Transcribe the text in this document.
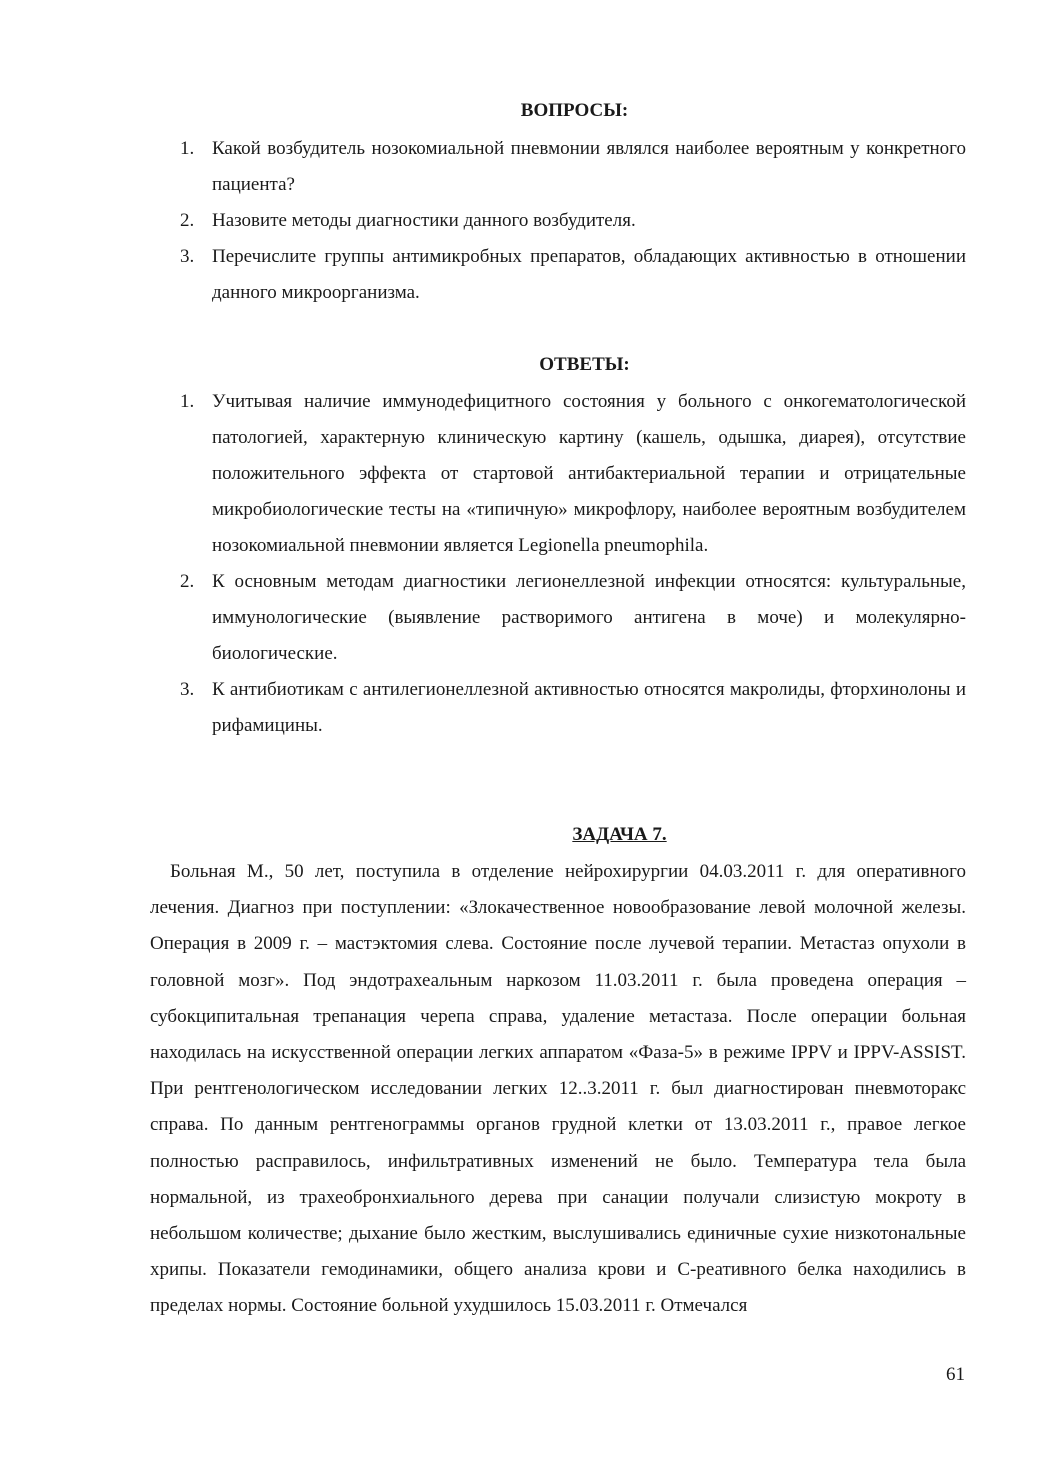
ВОПРОСЫ:
1. Какой возбудитель нозокомиальной пневмонии являлся наиболее вероятным у конкретного пациента?
2. Назовите методы диагностики данного возбудителя.
3. Перечислите группы антимикробных препаратов, обладающих активностью в отношении данного микроорганизма.
ОТВЕТЫ:
1. Учитывая наличие иммунодефицитного состояния у больного с онкогематологической патологией, характерную клиническую картину (кашель, одышка, диарея), отсутствие положительного эффекта от стартовой антибактериальной терапии и отрицательные микробиологические тесты на «типичную» микрофлору, наиболее вероятным возбудителем нозокомиальной пневмонии является Legionella pneumophila.
2. К основным методам диагностики легионеллезной инфекции относятся: культуральные, иммунологические (выявление растворимого антигена в моче) и молекулярно-биологические.
3. К антибиотикам с антилегионеллезной активностью относятся макролиды, фторхинолоны и рифамицины.
ЗАДАЧА 7.

Больная М., 50 лет, поступила в отделение нейрохирургии 04.03.2011 г. для оперативного лечения. Диагноз при поступлении: «Злокачественное новообразование левой молочной железы. Операция в 2009 г. – мастэктомия слева. Состояние после лучевой терапии. Метастаз опухоли в головной мозг». Под эндотрахеальным наркозом 11.03.2011 г. была проведена операция – субокципитальная трепанация черепа справа, удаление метастаза. После операции больная находилась на искусственной операции легких аппаратом «Фаза-5» в режиме IPPV и IPPV-ASSIST. При рентгенологическом исследовании легких 12..3.2011 г. был диагностирован пневмоторакс справа. По данным рентгенограммы органов грудной клетки от 13.03.2011 г., правое легкое полностью расправилось, инфильтративных изменений не было. Температура тела была нормальной, из трахеобронхиального дерева при санации получали слизистую мокроту в небольшом количестве; дыхание было жестким, выслушивались единичные сухие низкотональные хрипы. Показатели гемодинамики, общего анализа крови и С-реативного белка находились в пределах нормы. Состояние больной ухудшилось 15.03.2011 г. Отмечался

61
